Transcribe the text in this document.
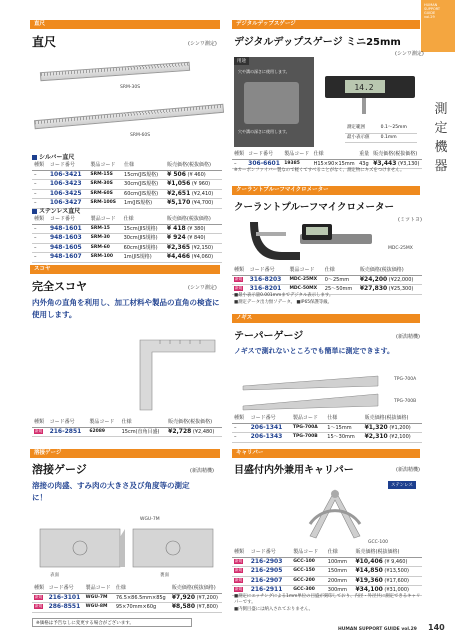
HUMAN
SUPPORT
GUIDE
vol.29
測
定
機
器
直尺
直尺	(シンワ測定)
SRM-30S
SRM-60S
シルバー直尺
種類	コード番号	製品コード	仕様	販売価格(税抜価格)
–	106-3421	SRM-15S	15cm(JIS規格)	¥ 506 (¥ 460)
–	106-3423	SRM-30S	30cm(JIS規格)	¥1,056 (¥ 960)
–	106-3425	SRM-60S	60cm(JIS規格)	¥2,651 (¥2,410)
–	106-3427	SRM-100S	1m(JIS規格)	¥5,170 (¥4,700)
ステンレス直尺
種類	コード番号	製品コード	仕様	販売価格(税抜価格)
–	948-1601	SRM-15	15cm(JIS規格)	¥ 418 (¥ 380)
–	948-1603	SRM-30	30cm(JIS規格)	¥ 924 (¥ 840)
–	948-1605	SRM-60	60cm(JIS規格)	¥2,365 (¥2,150)
–	948-1607	SRM-100	1m(JIS規格)	¥4,466 (¥4,060)
スコヤ
完全スコヤ	(シンワ測定)
内外角の直角を利用し、加工材料や製品の直角の検査に使用します。
種類	コード番号	製品コード	仕様	販売価格(税抜価格)
新規	216-2851	62089	15cm(直角目盛)	¥2,728 (¥2,480)
溶接ゲージ
溶接ゲージ	(新潟精機)
溶接の肉盛、すみ肉の大きさ及び角度等の測定に！
WGU-7M
表面	裏面
種類	コード番号	製品コード	仕様	販売価格(税抜価格)
新規	216-3101	WGU-7M	76.5×86.5mm×85g	¥7,920 (¥7,200)
新規	286-8551	WGU-8M	95×70mm×60g	¥8,580 (¥7,800)
※価格は予告なしに変更する場合がございます。
デジタルデップスゲージ
デジタルデップスゲージ ミニ25mm
(シンワ測定)
用途
穴や溝の深さに使用します。
穴や溝の深さに使用します。
14.2
測定範囲	0.1〜25mm
最小表示値	0.1mm
種類	コード番号	製品コード	仕様	重量	販売価格(税抜価格)
–	306-6601	19385	H15×90×15mm	43g	¥3,443 (¥3,130)
※カーボンファイバー製なので軽くてすべることがなく、測定物にキズをつけません。
クーラントプルーフマイクロメーター
クーラントプルーフマイクロメーター
(ミツトヨ)
MDC-25MX
種類	コード番号	製品コード	仕様	販売価格(税抜価格)
新規	316-8203	MDC-25MX	0〜25mm	¥24,200 (¥22,000)
新規	316-8201	MDC-50MX	25〜50mm	¥27,830 (¥25,300)
■最小表示量0.001mmまでデジタル表示します。
■測定データ出力無ソデータ。 ■IP65保護等級。
ノギス
テーパーゲージ	(新潟精機)
ノギスで測れないところでも簡単に測定できます。
TPG-700A
TPG-700B
種類	コード番号	製品コード	仕様	販売価格(税抜価格)
–	206-1341	TPG-700A	1〜15mm	¥1,320 (¥1,200)
–	206-1343	TPG-700B	15〜30mm	¥2,310 (¥2,100)
キャリパー
目盛付内外兼用キャリパー	(新潟精機)
ステンレス
GCC-100
種類	コード番号	製品コード	仕様	販売価格(税抜価格)
新規	216-2903	GCC-100	100mm	¥10,406 (¥ 9,460)
新規	216-2905	GCC-150	150mm	¥14,850 (¥13,500)
新規	216-2907	GCC-200	200mm	¥19,360 (¥17,600)
新規	216-2911	GCC-300	300mm	¥34,100 (¥31,000)
■測定にエッチングによる1mm単位の目盛が刻印しており、内径・外径共に測定できるキャリパーです。
■内側目盛には納入されておりません。
HUMAN SUPPORT GUIDE vol.29 140
